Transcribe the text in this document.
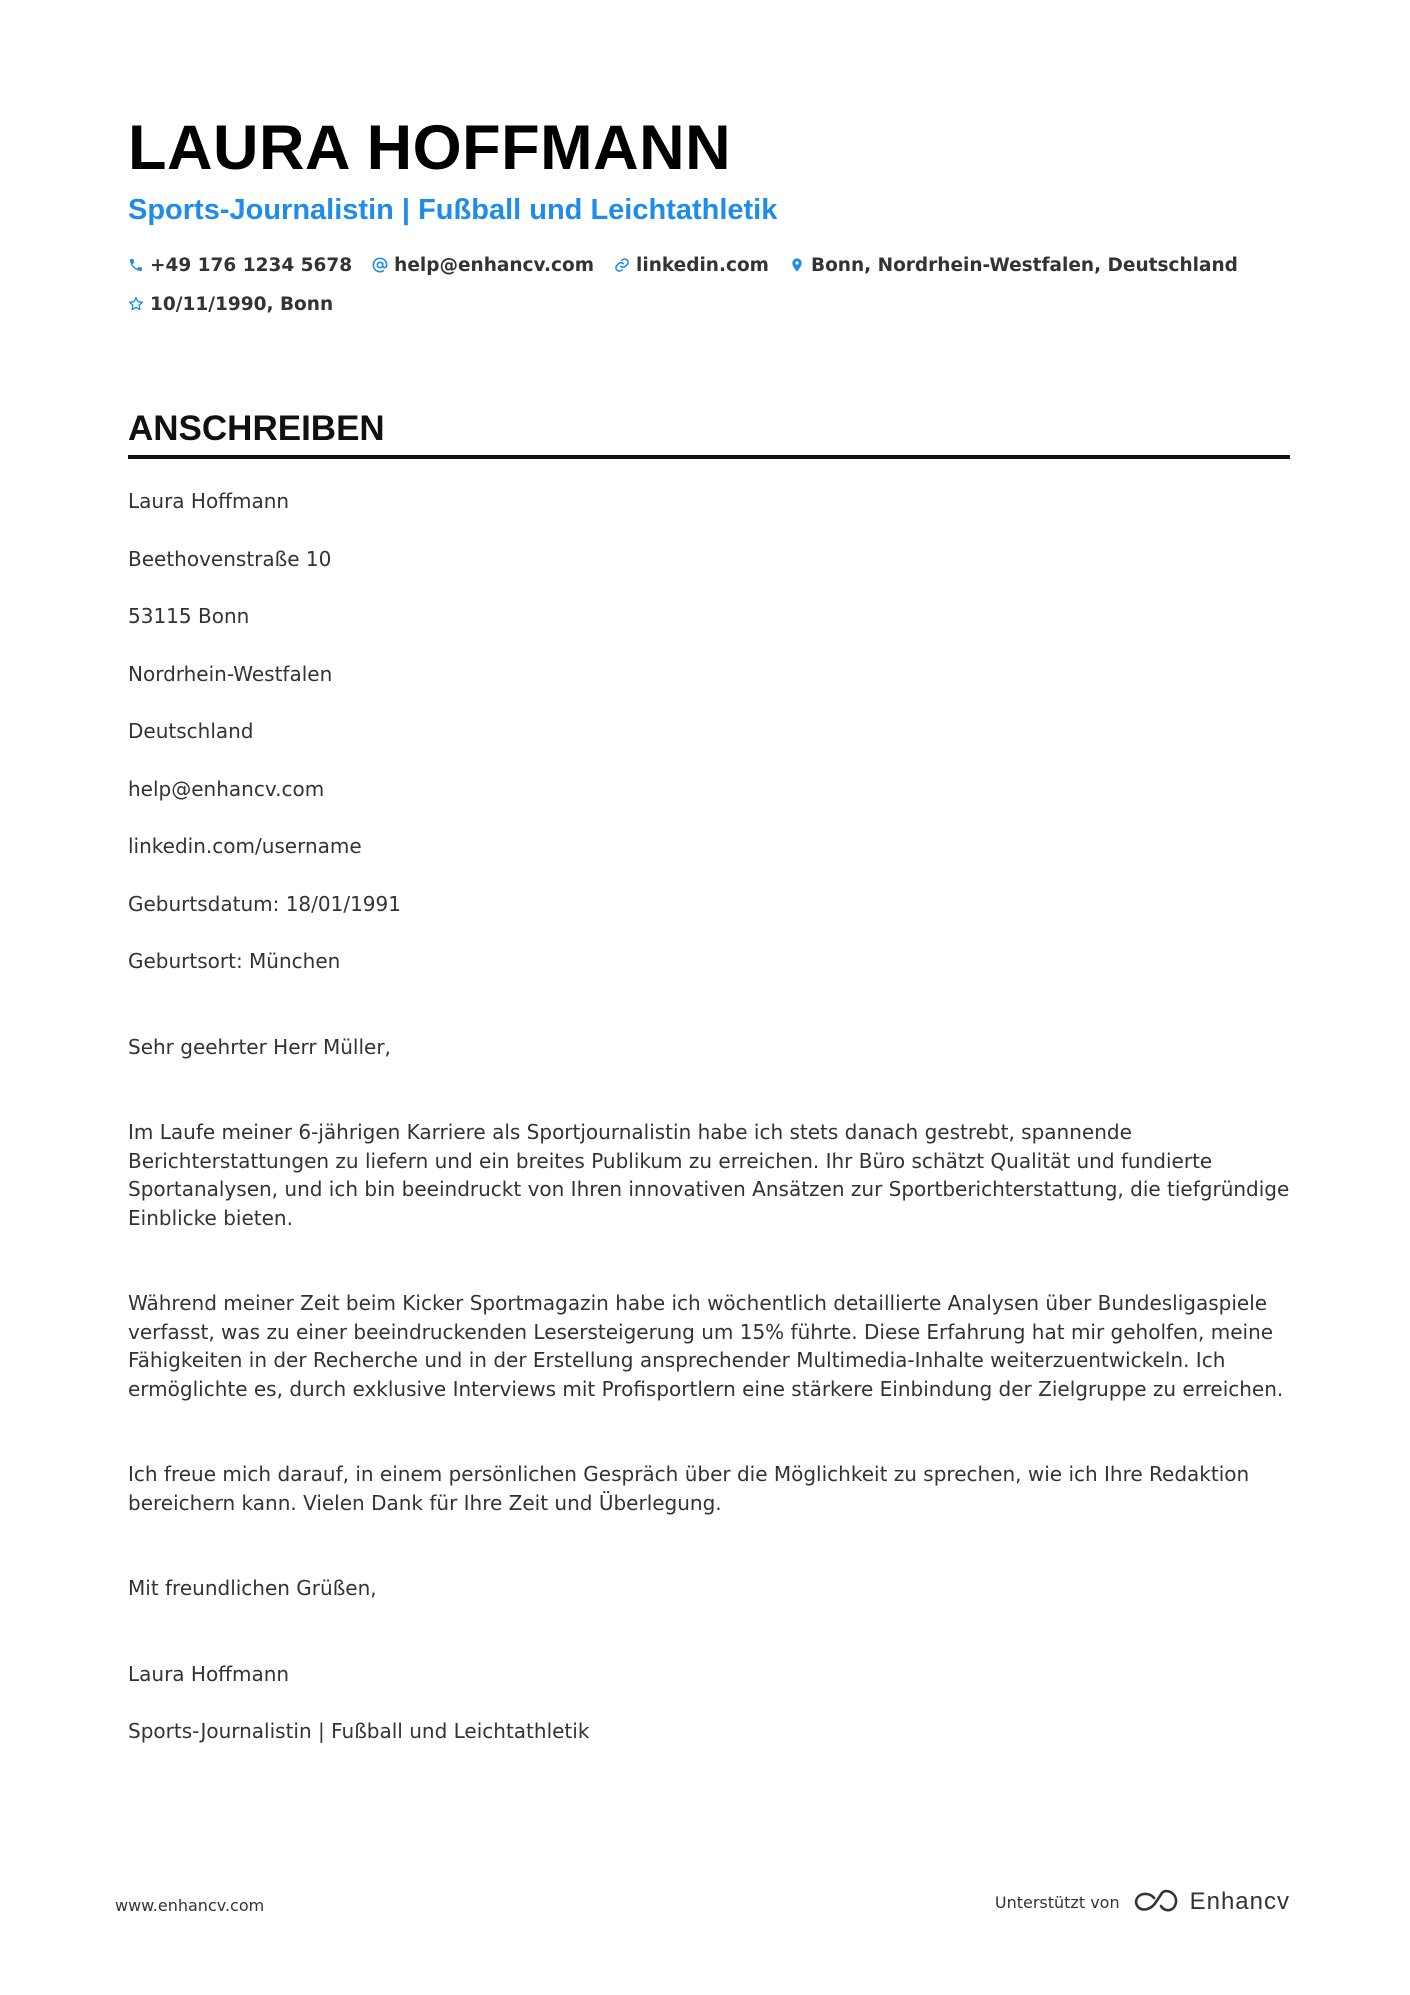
LAURA HOFFMANN
Sports-Journalistin | Fußball und Leichtathletik
+49 176 1234 5678 help@enhancv.com linkedin.com Bonn, Nordrhein-Westfalen, Deutschland
10/11/1990, Bonn
ANSCHREIBEN
Laura Hoffmann
Beethovenstraße 10
53115 Bonn
Nordrhein-Westfalen
Deutschland
help@enhancv.com
linkedin.com/username
Geburtsdatum: 18/01/1991
Geburtsort: München
Sehr geehrter Herr Müller,
Im Laufe meiner 6-jährigen Karriere als Sportjournalistin habe ich stets danach gestrebt, spannende Berichterstattungen zu liefern und ein breites Publikum zu erreichen. Ihr Büro schätzt Qualität und fundierte Sportanalysen, und ich bin beeindruckt von Ihren innovativen Ansätzen zur Sportberichterstattung, die tiefgründige Einblicke bieten.
Während meiner Zeit beim Kicker Sportmagazin habe ich wöchentlich detaillierte Analysen über Bundesligaspiele verfasst, was zu einer beeindruckenden Lesersteigerung um 15% führte. Diese Erfahrung hat mir geholfen, meine Fähigkeiten in der Recherche und in der Erstellung ansprechender Multimedia-Inhalte weiterzuentwickeln. Ich ermöglichte es, durch exklusive Interviews mit Profisportlern eine stärkere Einbindung der Zielgruppe zu erreichen.
Ich freue mich darauf, in einem persönlichen Gespräch über die Möglichkeit zu sprechen, wie ich Ihre Redaktion bereichern kann. Vielen Dank für Ihre Zeit und Überlegung.
Mit freundlichen Grüßen,
Laura Hoffmann
Sports-Journalistin | Fußball und Leichtathletik
www.enhancv.com	Unterstützt von	Enhancv
